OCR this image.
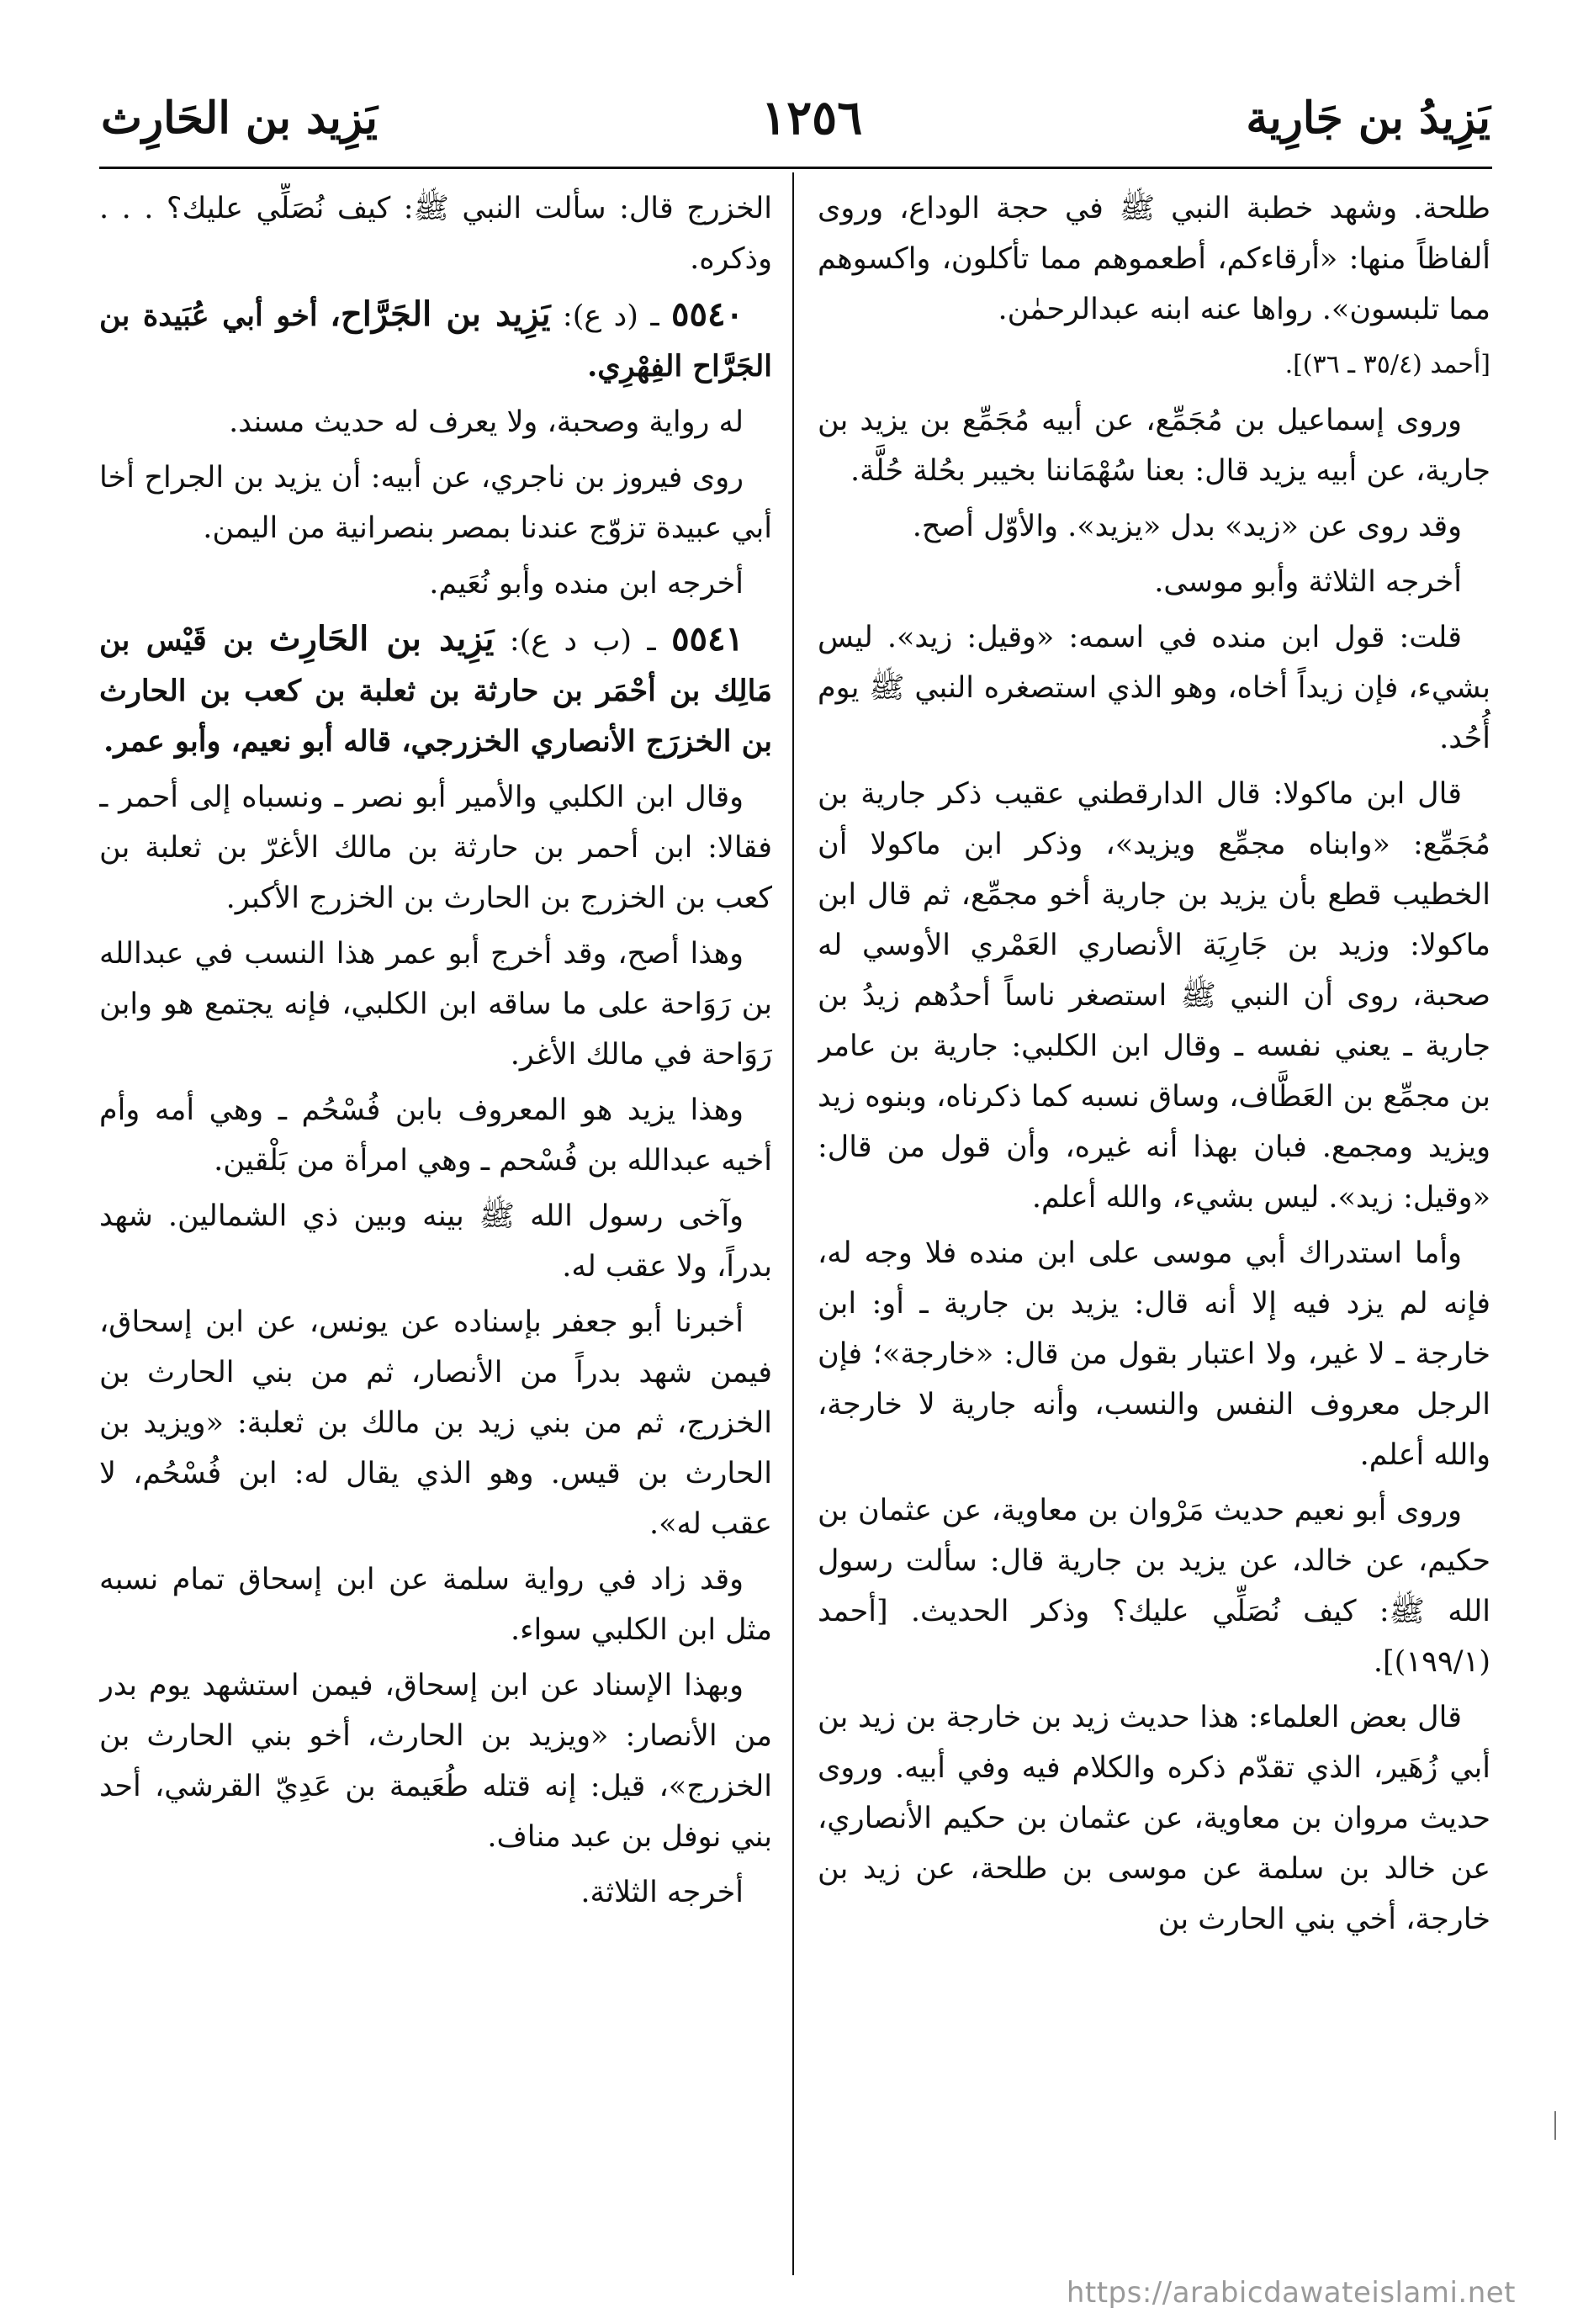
يَزِيدُ بن جَارِية
١٢٥٦
يَزِيد بن الحَارِث

طلحة. وشهد خطبة النبي ﷺ في حجة الوداع، وروى ألفاظاً منها: «أرقاءكم، أطعموهم مما تأكلون، واكسوهم مما تلبسون». رواها عنه ابنه عبدالرحمٰن.

[أحمد (٣٥/٤ ـ ٣٦)].

وروى إسماعيل بن مُجَمِّع، عن أبيه مُجَمِّع بن يزيد بن جارية، عن أبيه يزيد قال: بعنا سُهْمَاننا بخيبر بحُلة حُلَّة.

وقد روى عن «زيد» بدل «يزيد». والأوّل أصح.

أخرجه الثلاثة وأبو موسى.

قلت: قول ابن منده في اسمه: «وقيل: زيد». ليس بشيء، فإن زيداً أخاه، وهو الذي استصغره النبي ﷺ يوم أُحُد.

قال ابن ماكولا: قال الدارقطني عقيب ذكر جارية بن مُجَمِّع: «وابناه مجمِّع ويزيد»، وذكر ابن ماكولا أن الخطيب قطع بأن يزيد بن جارية أخو مجمِّع، ثم قال ابن ماكولا: وزيد بن جَارِيَة الأنصاري العَمْري الأوسي له صحبة، روى أن النبي ﷺ استصغر ناساً أحدُهم زيدُ بن جارية ـ يعني نفسه ـ وقال ابن الكلبي: جارية بن عامر بن مجمِّع بن العَطَّاف، وساق نسبه كما ذكرناه، وبنوه زيد ويزيد ومجمع. فبان بهذا أنه غيره، وأن قول من قال: «وقيل: زيد». ليس بشيء، والله أعلم.

وأما استدراك أبي موسى على ابن منده فلا وجه له، فإنه لم يزد فيه إلا أنه قال: يزيد بن جارية ـ أو: ابن خارجة ـ لا غير، ولا اعتبار بقول من قال: «خارجة»؛ فإن الرجل معروف النفس والنسب، وأنه جارية لا خارجة، والله أعلم.

وروى أبو نعيم حديث مَرْوان بن معاوية، عن عثمان بن حكيم، عن خالد، عن يزيد بن جارية قال: سألت رسول الله ﷺ: كيف نُصَلِّي عليك؟ وذكر الحديث. [أحمد (١٩٩/١)].

قال بعض العلماء: هذا حديث زيد بن خارجة بن زيد بن أبي زُهَير، الذي تقدّم ذكره والكلام فيه وفي أبيه. وروى حديث مروان بن معاوية، عن عثمان بن حكيم الأنصاري، عن خالد بن سلمة عن موسى بن طلحة، عن زيد بن خارجة، أخي بني الحارث بن

الخزرج قال: سألت النبي ﷺ: كيف نُصَلِّي عليك؟ . . . وذكره.

٥٥٤٠ ـ (د ع): يَزِيد بن الجَرَّاح، أخو أبي عُبَيدة بن الجَرَّاح الفِهْرِي.

له رواية وصحبة، ولا يعرف له حديث مسند.

روى فيروز بن ناجري، عن أبيه: أن يزيد بن الجراح أخا أبي عبيدة تزوّج عندنا بمصر بنصرانية من اليمن.

أخرجه ابن منده وأبو نُعَيم.

٥٥٤١ ـ (ب د ع): يَزِيد بن الحَارِث بن قَيْس بن مَالِك بن أحْمَر بن حارثة بن ثعلبة بن كعب بن الحارث بن الخزرَج الأنصاري الخزرجي، قاله أبو نعيم، وأبو عمر.

وقال ابن الكلبي والأمير أبو نصر ـ ونسباه إلى أحمر ـ فقالا: ابن أحمر بن حارثة بن مالك الأغرّ بن ثعلبة بن كعب بن الخزرج بن الحارث بن الخزرج الأكبر.

وهذا أصح، وقد أخرج أبو عمر هذا النسب في عبدالله بن رَوَاحة على ما ساقه ابن الكلبي، فإنه يجتمع هو وابن رَوَاحة في مالك الأغر.

وهذا يزيد هو المعروف بابن فُسْحُم ـ وهي أمه وأم أخيه عبدالله بن فُسْحم ـ وهي امرأة من بَلْقين.

وآخى رسول الله ﷺ بينه وبين ذي الشمالين. شهد بدراً، ولا عقب له.

أخبرنا أبو جعفر بإسناده عن يونس، عن ابن إسحاق، فيمن شهد بدراً من الأنصار، ثم من بني الحارث بن الخزرج، ثم من بني زيد بن مالك بن ثعلبة: «ويزيد بن الحارث بن قيس. وهو الذي يقال له: ابن فُسْحُم، لا عقب له».

وقد زاد في رواية سلمة عن ابن إسحاق تمام نسبه مثل ابن الكلبي سواء.

وبهذا الإسناد عن ابن إسحاق، فيمن استشهد يوم بدر من الأنصار: «ويزيد بن الحارث، أخو بني الحارث بن الخزرج»، قيل: إنه قتله طُعَيمة بن عَدِيّ القرشي، أحد بني نوفل بن عبد مناف.

أخرجه الثلاثة.

https://arabicdawateislami.net
